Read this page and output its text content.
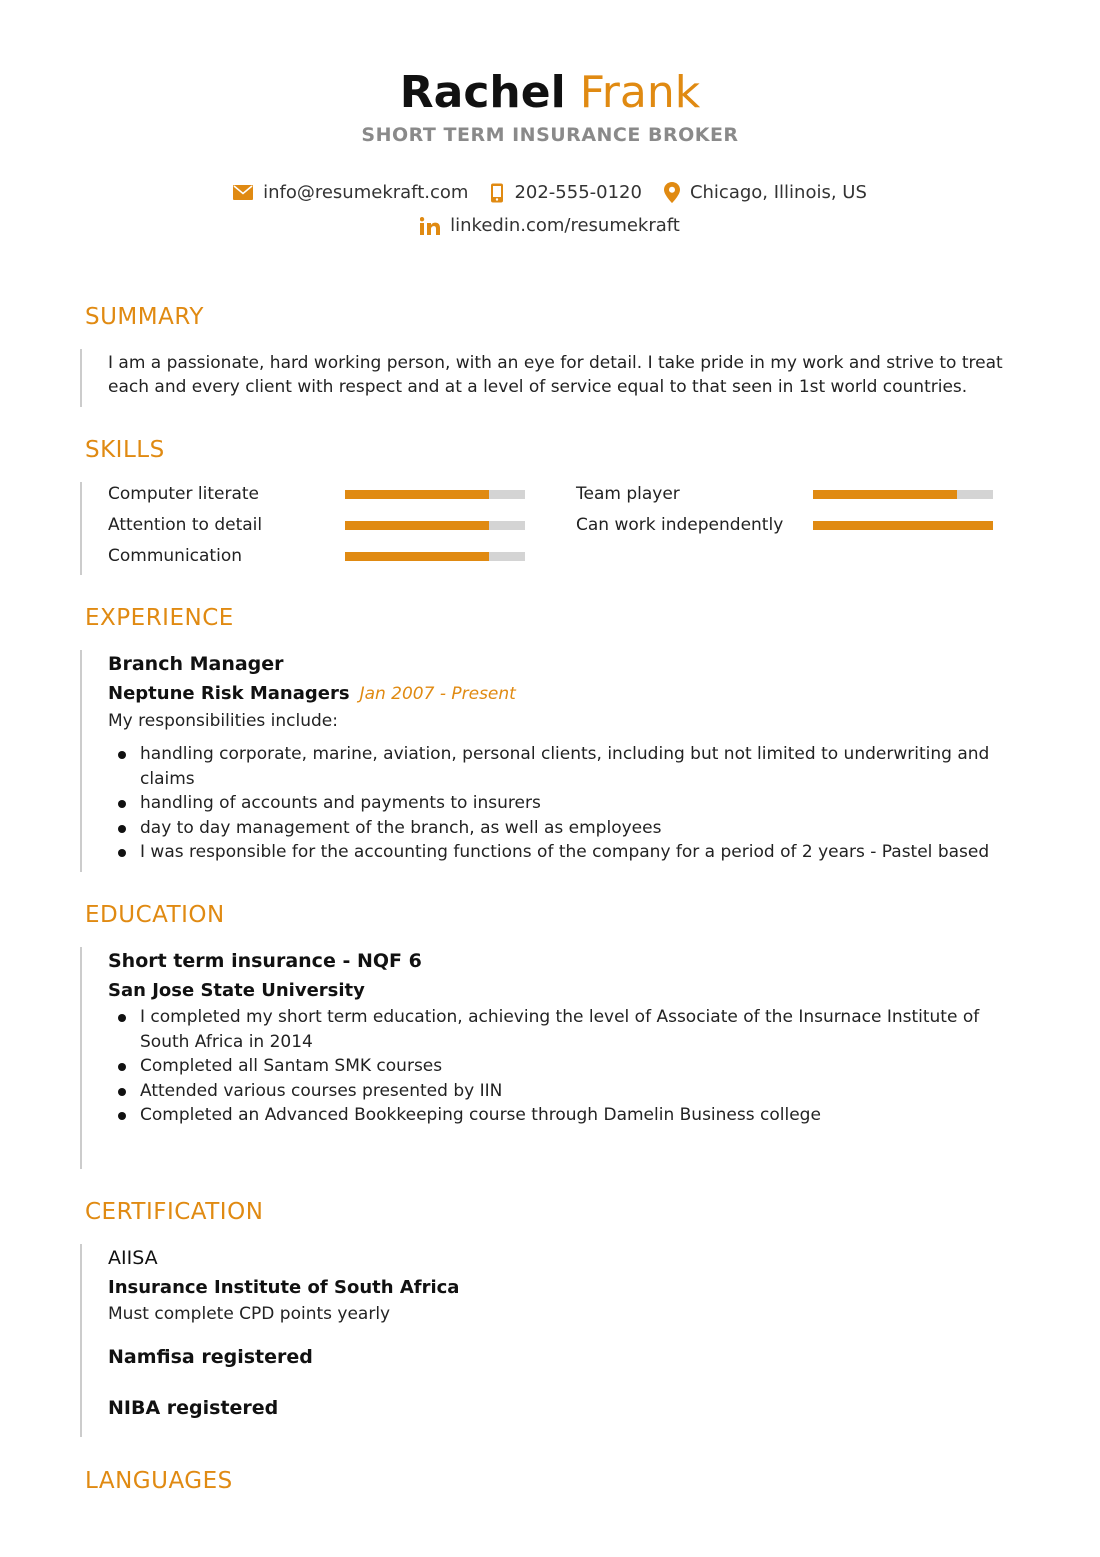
Rachel Frank
SHORT TERM INSURANCE BROKER
info@resumekraft.com	202-555-0120	Chicago, Illinois, US
linkedin.com/resumekraft
SUMMARY
I am a passionate, hard working person, with an eye for detail. I take pride in my work and strive to treat each and every client with respect and at a level of service equal to that seen in 1st world countries.
SKILLS
Computer literate	Team player
Attention to detail	Can work independently
Communication
EXPERIENCE
Branch Manager
Neptune Risk Managers Jan 2007 - Present
My responsibilities include:
handling corporate, marine, aviation, personal clients, including but not limited to underwriting and claims
handling of accounts and payments to insurers
day to day management of the branch, as well as employees
I was responsible for the accounting functions of the company for a period of 2 years - Pastel based
EDUCATION
Short term insurance - NQF 6
San Jose State University
I completed my short term education, achieving the level of Associate of the Insurnace Institute of South Africa in 2014
Completed all Santam SMK courses
Attended various courses presented by IIN
Completed an Advanced Bookkeeping course through Damelin Business college
CERTIFICATION
AIISA
Insurance Institute of South Africa
Must complete CPD points yearly
Namfisa registered
NIBA registered
LANGUAGES
